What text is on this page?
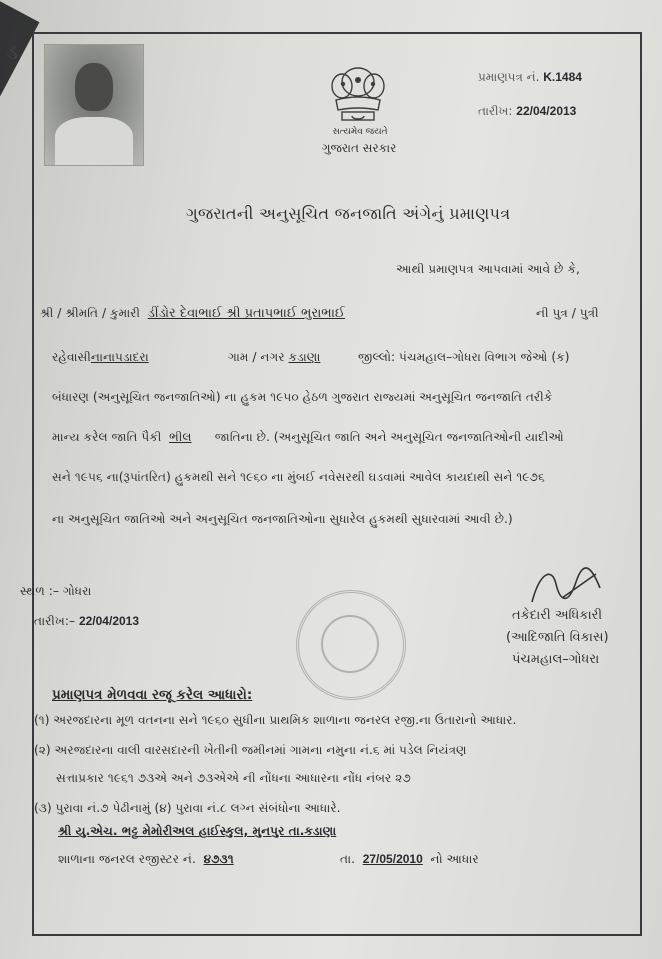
ડ
સત્યમેવ જયતે
ગુજરાત સરકાર
પ્રમાણપત્ર નં. K.1484
તારીખ: 22/04/2013
ગુજરાતની અનુસૂચિત જનજાતિ અંગેનું પ્રમાણપત્ર
આથી પ્રમાણપત્ર આપવામાં આવે છે કે,
શ્રી / શ્રીમતિ / કુમારી ડીંડોર દેવાભાઈ શ્રી પ્રતાપભાઈ ભુરાભાઈ	ની પુત્ર / પુત્રી
રહેવાસીનાનાપડાદરા	ગામ / નગર કડાણા	જીલ્લો: પંચમહાલ–ગોધરા વિભાગ જેઓ (ક)
બંધારણ (અનુસૂચિત જનજાતિઓ) ના હુકમ ૧૯૫૦ હેઠળ ગુજરાત રાજ્યમાં અનુસૂચિત જનજાતિ તરીકે
માન્ય કરેલ જાતિ પૈકી ભીલ જાતિના છે. (અનુસૂચિત જાતિ અને અનુસૂચિત જનજાતિઓની યાદીઓ
સને ૧૯૫૬ ના(રૂપાંતરિત) હુકમથી સને ૧૯૬૦ ના મુંબઈ નવેસરથી ઘડવામાં આવેલ કાયદાથી સને ૧૯૭૬
ના અનુસૂચિત જાતિઓ અને અનુસૂચિત જનજાતિઓના સુધારેલ હુકમથી સુધારવામાં આવી છે.)
સ્થળ :– ગોધરા
તારીખ:– 22/04/2013	તકેદારી અધિકારી
(આદિજાતિ વિકાસ)
પંચમહાલ–ગોધરા
પ્રમાણપત્ર મેળવવા રજૂ કરેલ આધારો:
(૧) અરજદારના મૂળ વતનના સને ૧૯૬૦ સુધીના પ્રાથમિક શાળાના જનરલ રજી.ના ઉતારાનો આધાર.
(૨) અરજદારના વાલી વારસદારની ખેતીની જમીનમાં ગામના નમુના નં.૬ માં પડેલ નિયંત્રણ
સત્તાપ્રકાર ૧૯૬૧ ૭૩એ અને ૭૩એએ ની નોંધના આધારના નોંધ નંબર ૨૭
(૩) પુરાવા નં.૭ પેઢીનામું (૪) પુરાવા નં.૮ લગ્ન સંબંધોના આધારે.
શ્રી યુ.એચ. ભટ્ટ મેમોરીઅલ હાઈસ્કુલ, મુનપુર તા.કડાણા
શાળાના જનરલ રજીસ્ટર નં. ૪૭૩૧	તા. 27/05/2010 નો આધાર
